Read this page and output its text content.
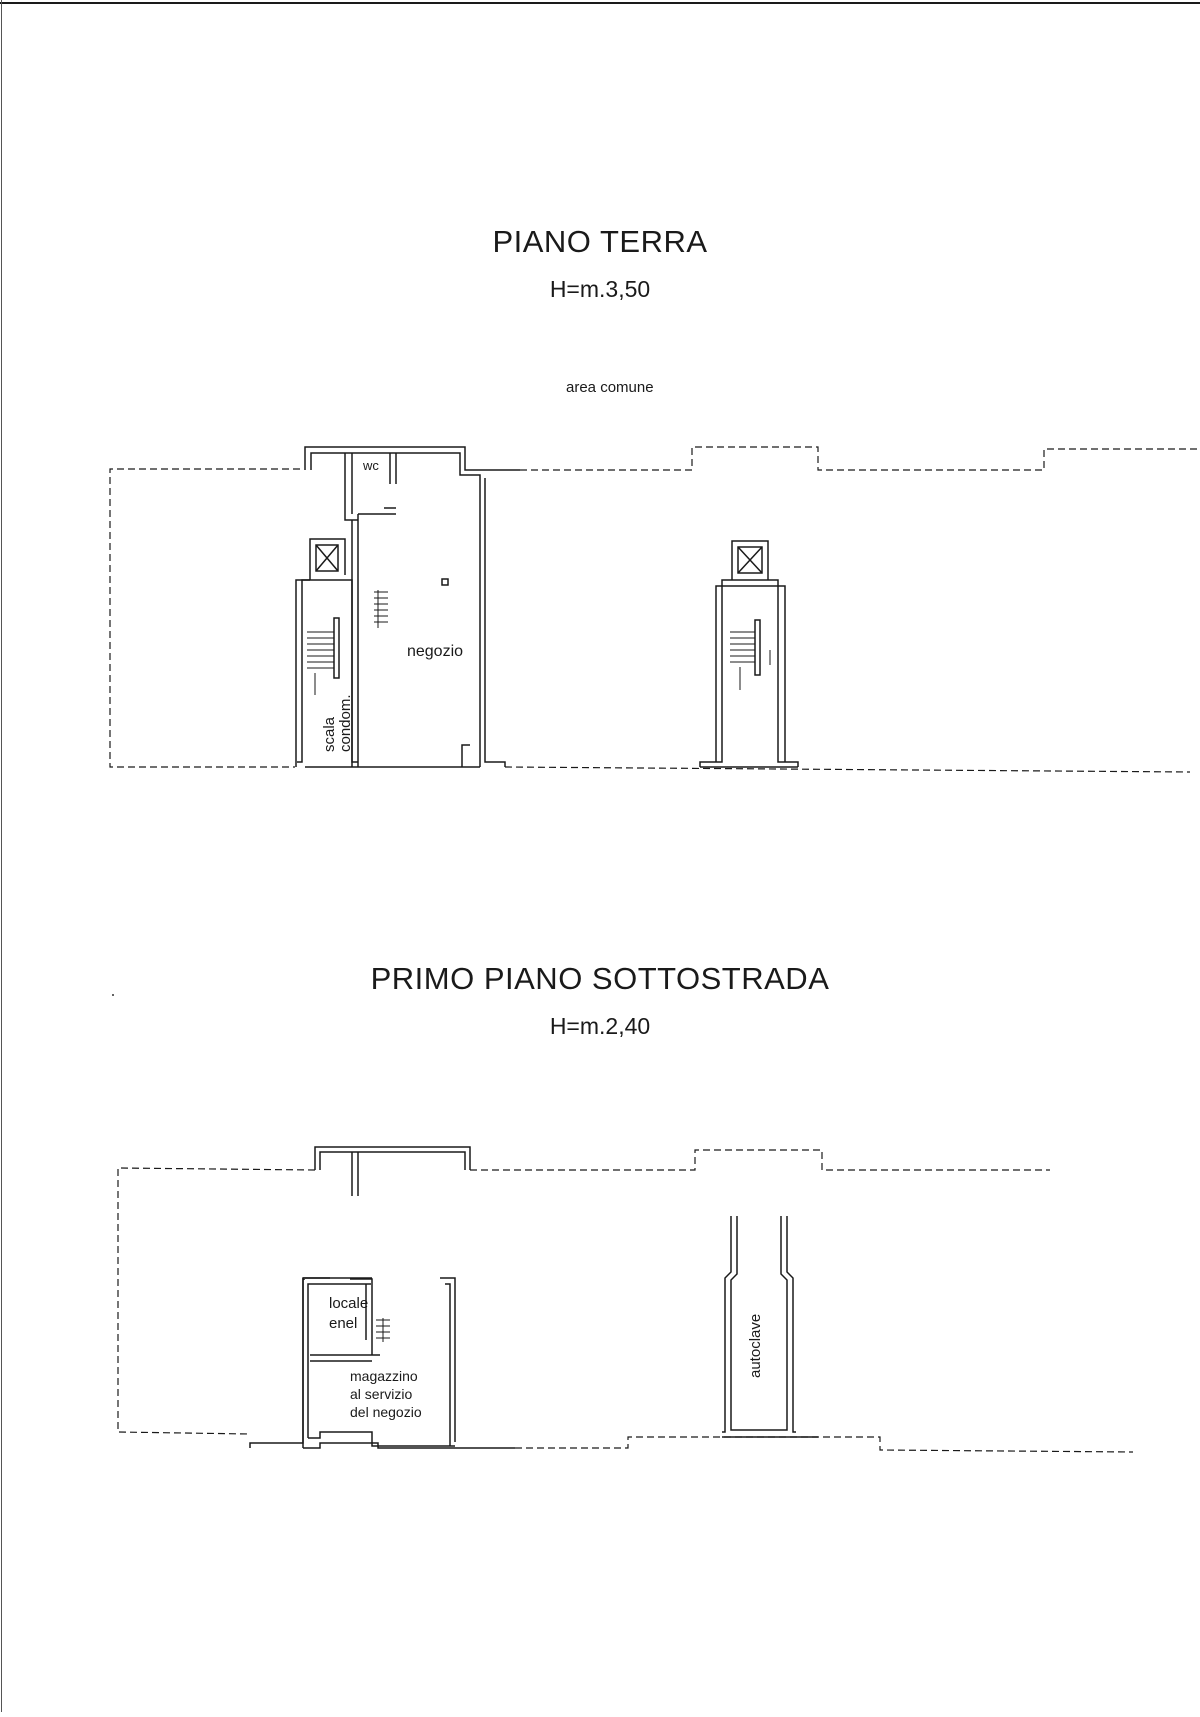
PIANO TERRA
H=m.3,50
PRIMO PIANO SOTTOSTRADA
H=m.2,40
area comune
wc
negozio
scala condom.
locale
enel
magazzino
al servizio
del negozio
autoclave
